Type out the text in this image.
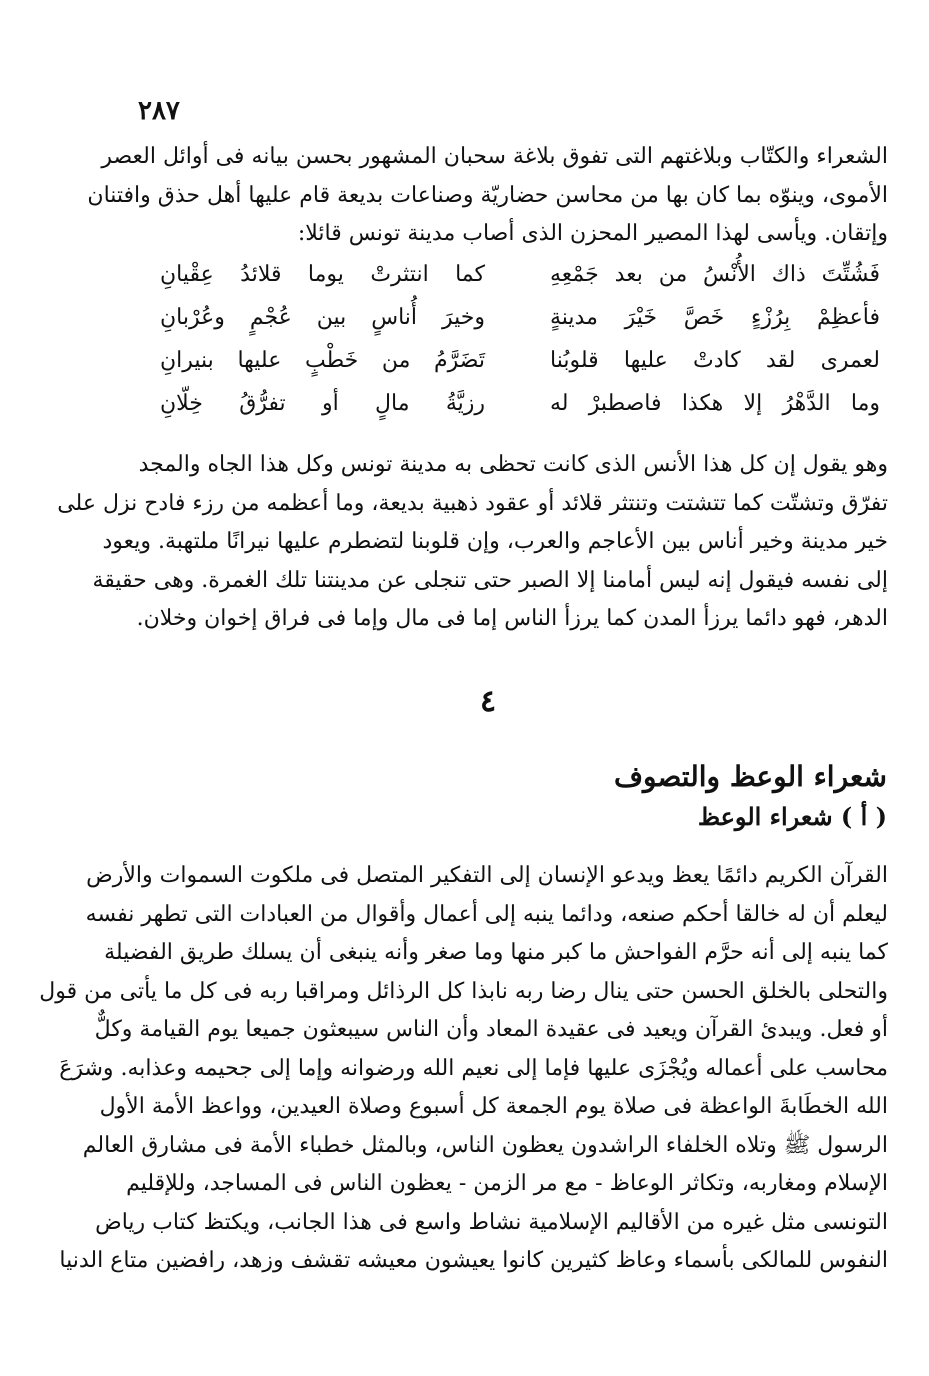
٢٨٧
الشعراء والكتّاب وبلاغتهم التى تفوق بلاغة سحبان المشهور بحسن بيانه فى أوائل العصر
الأموى، وينوّه بما كان بها من محاسن حضاريّة وصناعات بديعة قام عليها أهل حذق وافتنان
وإتقان. ويأسى لهذا المصير المحزن الذى أصاب مدينة تونس قائلا:
فَشُتِّتَ ذاك الأُنْسُ من بعد جَمْعِهِ
كما انتثرتْ يوما قلائدُ عِقْيانِ
فأعظِمْ بِرُزْءٍ خَصَّ خَيْرَ مدينةٍ
وخيرَ أُناسٍ بين عُجْمٍ وعُرْبانِ
لعمرى لقد كادتْ عليها قلوبُنا
تَضَرَّمُ من خَطْبٍ عليها بنيرانِ
وما الدَّهْرُ إلا هكذا فاصطبرْ له
رزيَّةُ مالٍ أو تفرُّقُ خِلّانِ
وهو يقول إن كل هذا الأنس الذى كانت تحظى به مدينة تونس وكل هذا الجاه والمجد
تفرّق وتشتّت كما تتشتت وتنتثر قلائد أو عقود ذهبية بديعة، وما أعظمه من رزء فادح نزل على
خير مدينة وخير أناس بين الأعاجم والعرب، وإن قلوبنا لتضطرم عليها نيرانًا ملتهبة. ويعود
إلى نفسه فيقول إنه ليس أمامنا إلا الصبر حتى تنجلى عن مدينتنا تلك الغمرة. وهى حقيقة
الدهر، فهو دائما يرزأ المدن كما يرزأ الناس إما فى مال وإما فى فراق إخوان وخلان.
٤
شعراء الوعظ والتصوف
( أ ) شعراء الوعظ
القرآن الكريم دائمًا يعظ ويدعو الإنسان إلى التفكير المتصل فى ملكوت السموات والأرض
ليعلم أن له خالقا أحكم صنعه، ودائما ينبه إلى أعمال وأقوال من العبادات التى تطهر نفسه
كما ينبه إلى أنه حرَّم الفواحش ما كبر منها وما صغر وأنه ينبغى أن يسلك طريق الفضيلة
والتحلى بالخلق الحسن حتى ينال رضا ربه نابذا كل الرذائل ومراقبا ربه فى كل ما يأتى من قول
أو فعل. ويبدئ القرآن ويعيد فى عقيدة المعاد وأن الناس سيبعثون جميعا يوم القيامة وكلٌّ
محاسب على أعماله ويُجْزَى عليها فإما إلى نعيم الله ورضوانه وإما إلى جحيمه وعذابه. وشرَعَ
الله الخطَابةَ الواعظة فى صلاة يوم الجمعة كل أسبوع وصلاة العيدين، وواعظ الأمة الأول
الرسول ﷺ وتلاه الخلفاء الراشدون يعظون الناس، وبالمثل خطباء الأمة فى مشارق العالم
الإسلام ومغاربه، وتكاثر الوعاظ - مع مر الزمن - يعظون الناس فى المساجد، وللإقليم
التونسى مثل غيره من الأقاليم الإسلامية نشاط واسع فى هذا الجانب، ويكتظ كتاب رياض
النفوس للمالكى بأسماء وعاظ كثيرين كانوا يعيشون معيشه تقشف وزهد، رافضين متاع الدنيا
